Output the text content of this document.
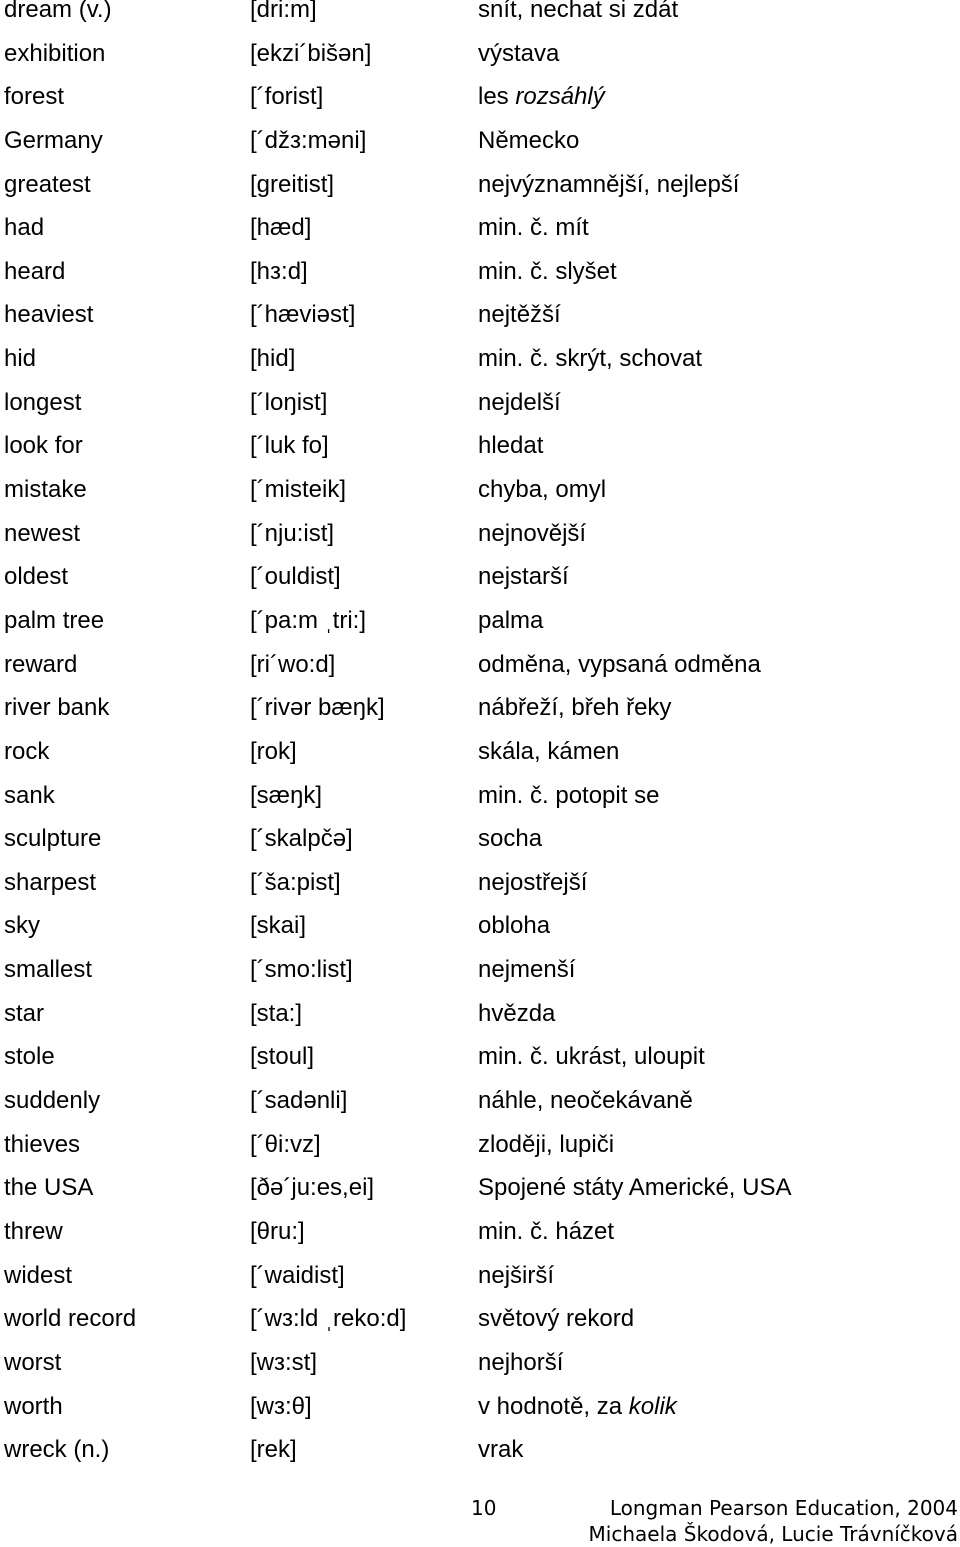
dream (v.)	[dri:m]	snít, nechat si zdát
exhibition	[ekzi´bišən]	výstava
forest	[´forist]	les rozsáhlý
Germany	[´džз:məni]	Německo
greatest	[greitist]	nejvýznamnější, nejlepší
had	[hæd]	min. č. mít
heard	[hз:d]	min. č. slyšet
heaviest	[´hæviəst]	nejtěžší
hid	[hid]	min. č. skrýt, schovat
longest	[´loŋist]	nejdelší
look for	[´luk fo]	hledat
mistake	[´misteik]	chyba, omyl
newest	[´nju:ist]	nejnovější
oldest	[´ouldist]	nejstarší
palm tree	[´pa:m ˌtri:]	palma
reward	[ri´wo:d]	odměna, vypsaná odměna
river bank	[´rivər bæŋk]	nábřeží, břeh řeky
rock	[rok]	skála, kámen
sank	[sæŋk]	min. č. potopit se
sculpture	[´skalpčə]	socha
sharpest	[´ša:pist]	nejostřejší
sky	[skai]	obloha
smallest	[´smo:list]	nejmenší
star	[sta:]	hvězda
stole	[stoul]	min. č. ukrást, uloupit
suddenly	[´sadənli]	náhle, neočekávaně
thieves	[´θi:vz]	zloději, lupiči
the USA	[ðə´ju:es,ei]	Spojené státy Americké, USA
threw	[θru:]	min. č. házet
widest	[´waidist]	nejširší
world record	[´wз:ld ˌreko:d]	světový rekord
worst	[wз:st]	nejhorší
worth	[wз:θ]	v hodnotě, za kolik
wreck (n.)	[rek]	vrak
10	Longman Pearson Education, 2004
Michaela Škodová, Lucie Trávníčková
